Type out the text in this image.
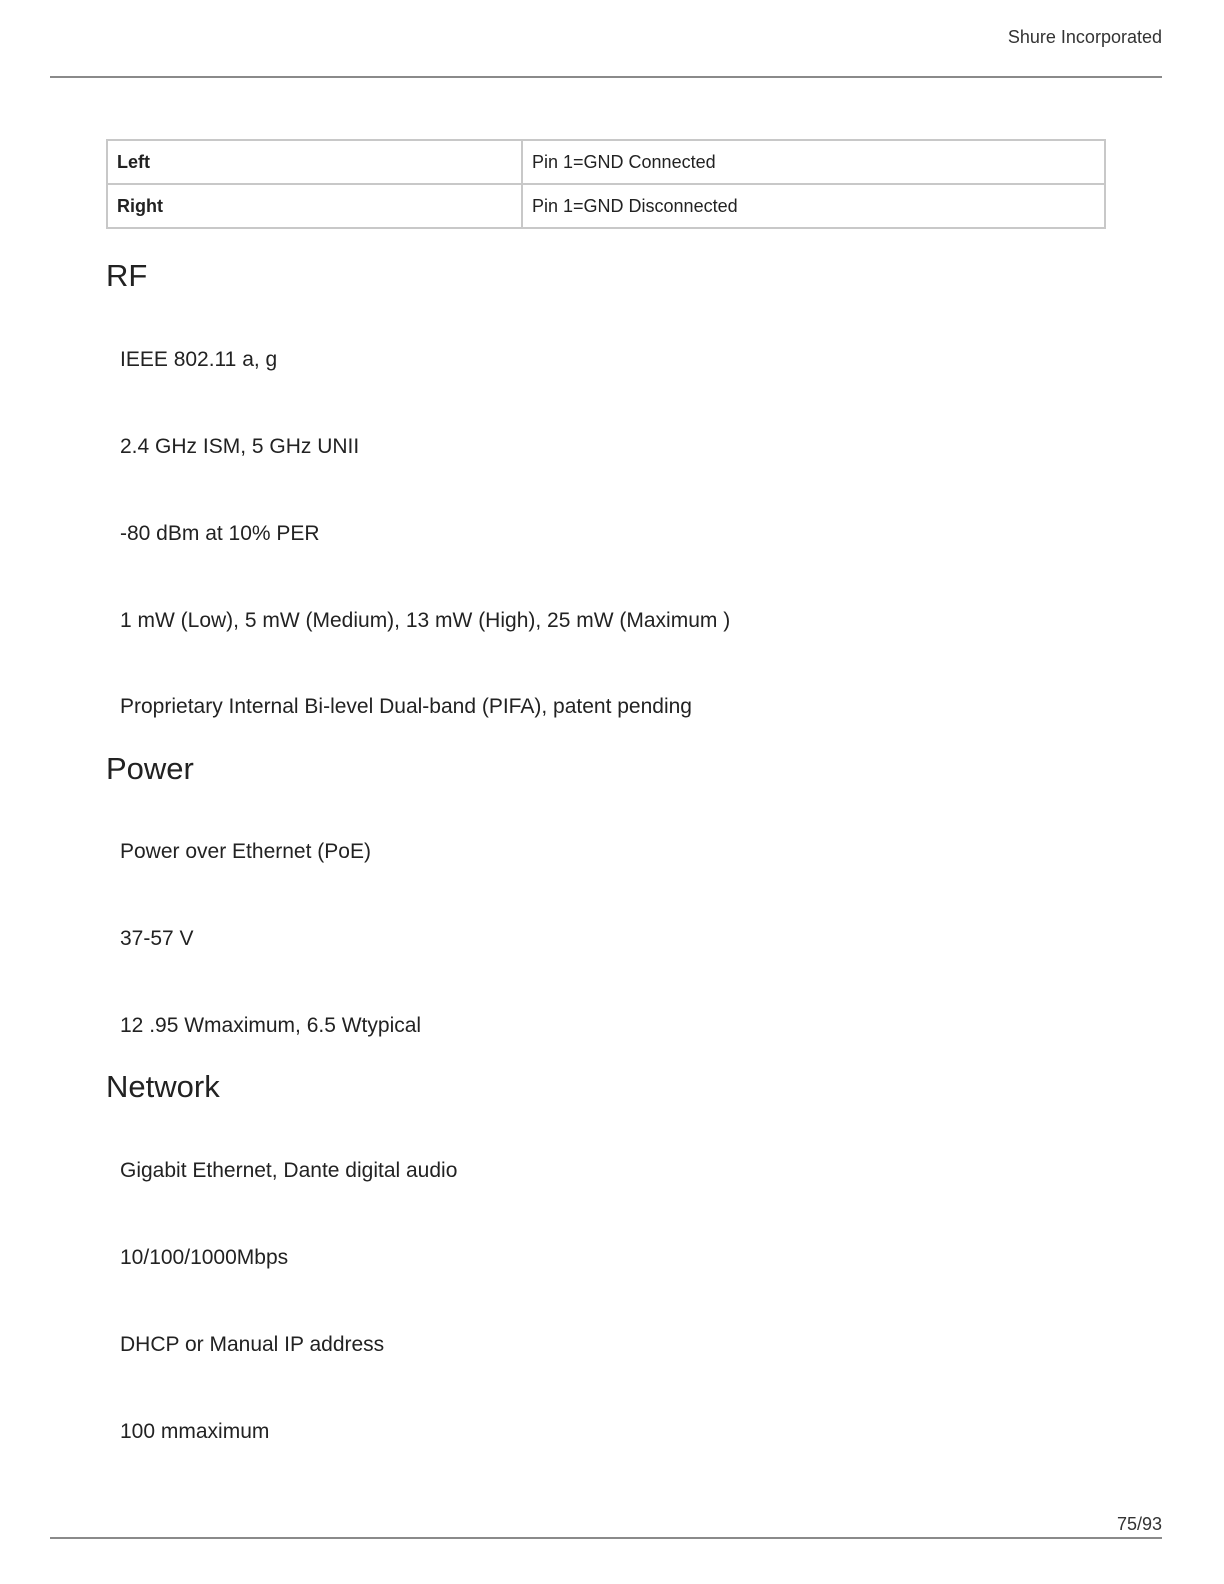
Shure Incorporated
Left	Pin 1=GND Connected
Right	Pin 1=GND Disconnected
RF
IEEE 802.11 a, g
2.4 GHz ISM, 5 GHz UNII
-80 dBm at 10% PER
1 mW (Low), 5 mW (Medium), 13 mW (High), 25 mW (Maximum )
Proprietary Internal Bi-level Dual-band (PIFA), patent pending
Power
Power over Ethernet (PoE)
37-57 V
12 .95 Wmaximum, 6.5 Wtypical
Network
Gigabit Ethernet, Dante digital audio
10/100/1000Mbps
DHCP or Manual IP address
100 mmaximum
75/93
